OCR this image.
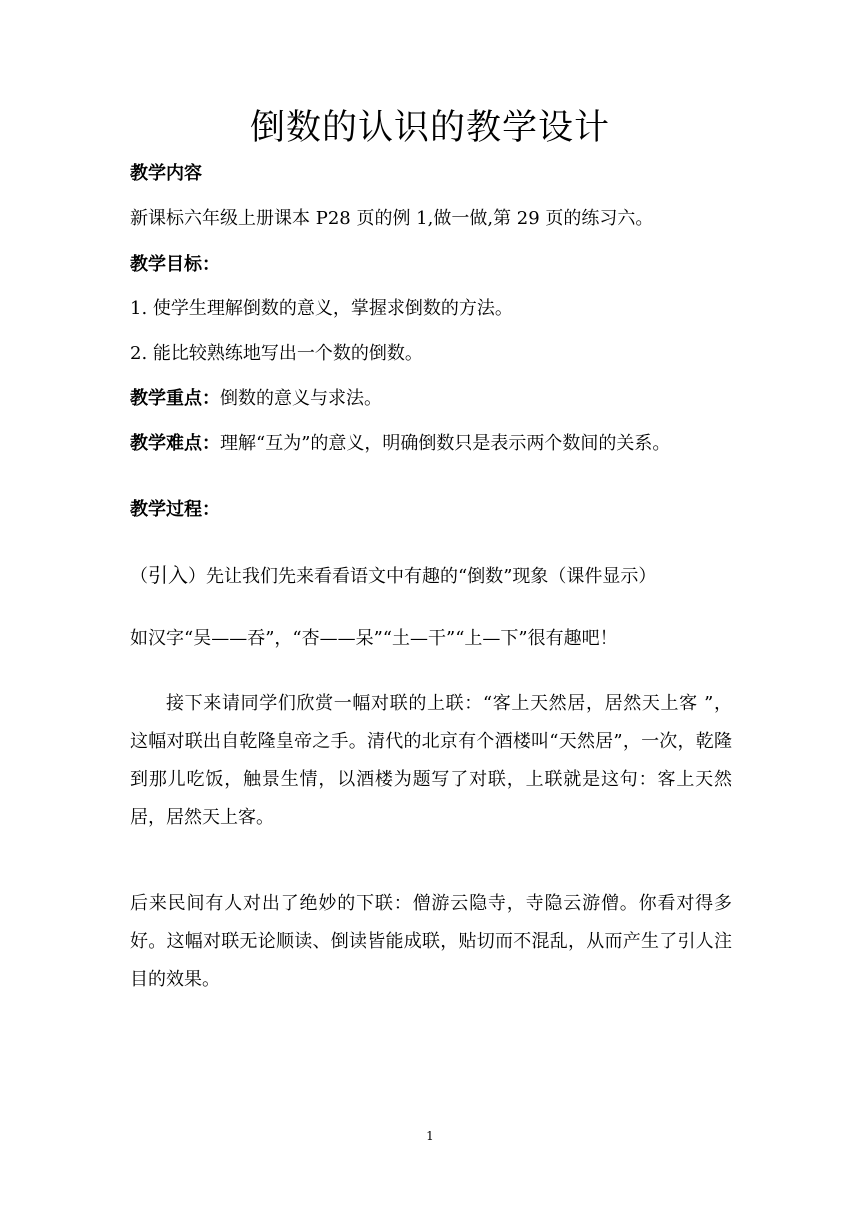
倒数的认识的教学设计
教学内容
新课标六年级上册课本 P28 页的例 1,做一做,第 29 页的练习六。
教学目标：
1. 使学生理解倒数的意义，掌握求倒数的方法。
2. 能比较熟练地写出一个数的倒数。
教学重点：倒数的意义与求法。
教学难点：理解“互为”的意义，明确倒数只是表示两个数间的关系。
教学过程：
（引入）先让我们先来看看语文中有趣的“倒数”现象（课件显示）
如汉字“吴——吞”，“杏——呆”“土—干”“上—下”很有趣吧！
接下来请同学们欣赏一幅对联的上联：“客上天然居，居然天上客 ”， 这幅对联出自乾隆皇帝之手。清代的北京有个酒楼叫“天然居”，一次，乾隆到那儿吃饭，触景生情，以酒楼为题写了对联，上联就是这句：客上天然居，居然天上客。
后来民间有人对出了绝妙的下联：僧游云隐寺，寺隐云游僧。你看对得多好。这幅对联无论顺读、倒读皆能成联，贴切而不混乱，从而产生了引人注目的效果。
1
